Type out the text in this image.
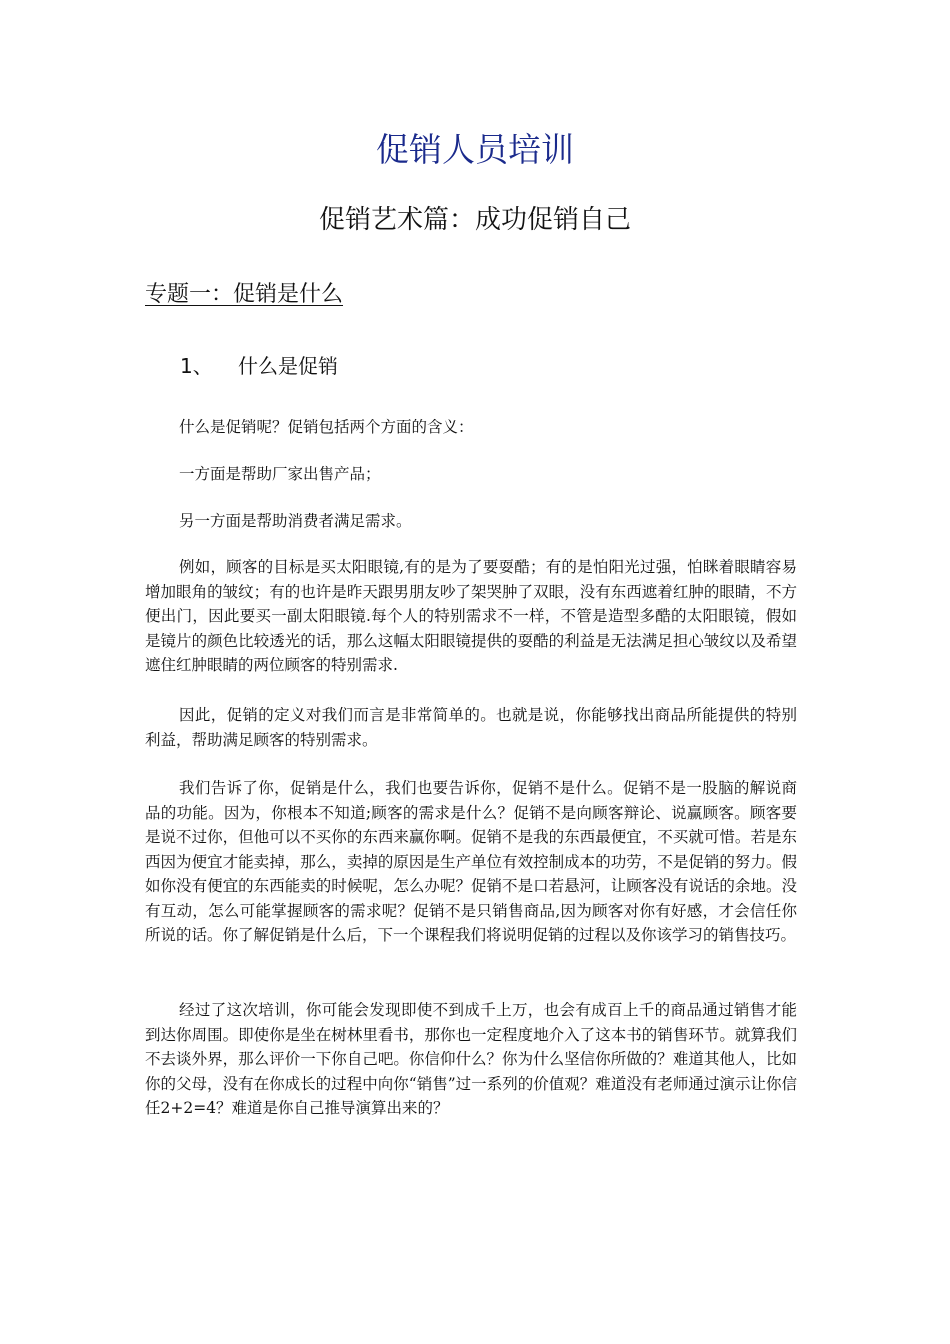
促销人员培训
促销艺术篇：成功促销自己
专题一：促销是什么
1、	什么是促销

什么是促销呢？促销包括两个方面的含义：

一方面是帮助厂家出售产品；

另一方面是帮助消费者满足需求。

例如，顾客的目标是买太阳眼镜,有的是为了要耍酷；有的是怕阳光过强，怕眯着眼睛容易增加眼角的皱纹；有的也许是昨天跟男朋友吵了架哭肿了双眼，没有东西遮着红肿的眼睛，不方便出门，因此要买一副太阳眼镜.每个人的特别需求不一样，不管是造型多酷的太阳眼镜，假如是镜片的颜色比较透光的话，那么这幅太阳眼镜提供的耍酷的利益是无法满足担心皱纹以及希望遮住红肿眼睛的两位顾客的特别需求.

因此，促销的定义对我们而言是非常简单的。也就是说，你能够找出商品所能提供的特别利益，帮助满足顾客的特别需求。

我们告诉了你，促销是什么，我们也要告诉你，促销不是什么。促销不是一股脑的解说商品的功能。因为，你根本不知道;顾客的需求是什么？促销不是向顾客辩论、说赢顾客。顾客要是说不过你，但他可以不买你的东西来赢你啊。促销不是我的东西最便宜，不买就可惜。若是东西因为便宜才能卖掉，那么，卖掉的原因是生产单位有效控制成本的功劳，不是促销的努力。假如你没有便宜的东西能卖的时候呢，怎么办呢？促销不是口若悬河，让顾客没有说话的余地。没有互动，怎么可能掌握顾客的需求呢？促销不是只销售商品,因为顾客对你有好感，才会信任你所说的话。你了解促销是什么后，下一个课程我们将说明促销的过程以及你该学习的销售技巧。

经过了这次培训，你可能会发现即使不到成千上万，也会有成百上千的商品通过销售才能到达你周围。即使你是坐在树林里看书，那你也一定程度地介入了这本书的销售环节。就算我们不去谈外界，那么评价一下你自己吧。你信仰什么？你为什么坚信你所做的？难道其他人，比如你的父母，没有在你成长的过程中向你“销售”过一系列的价值观？难道没有老师通过演示让你信任2+2=4？难道是你自己推导演算出来的？
